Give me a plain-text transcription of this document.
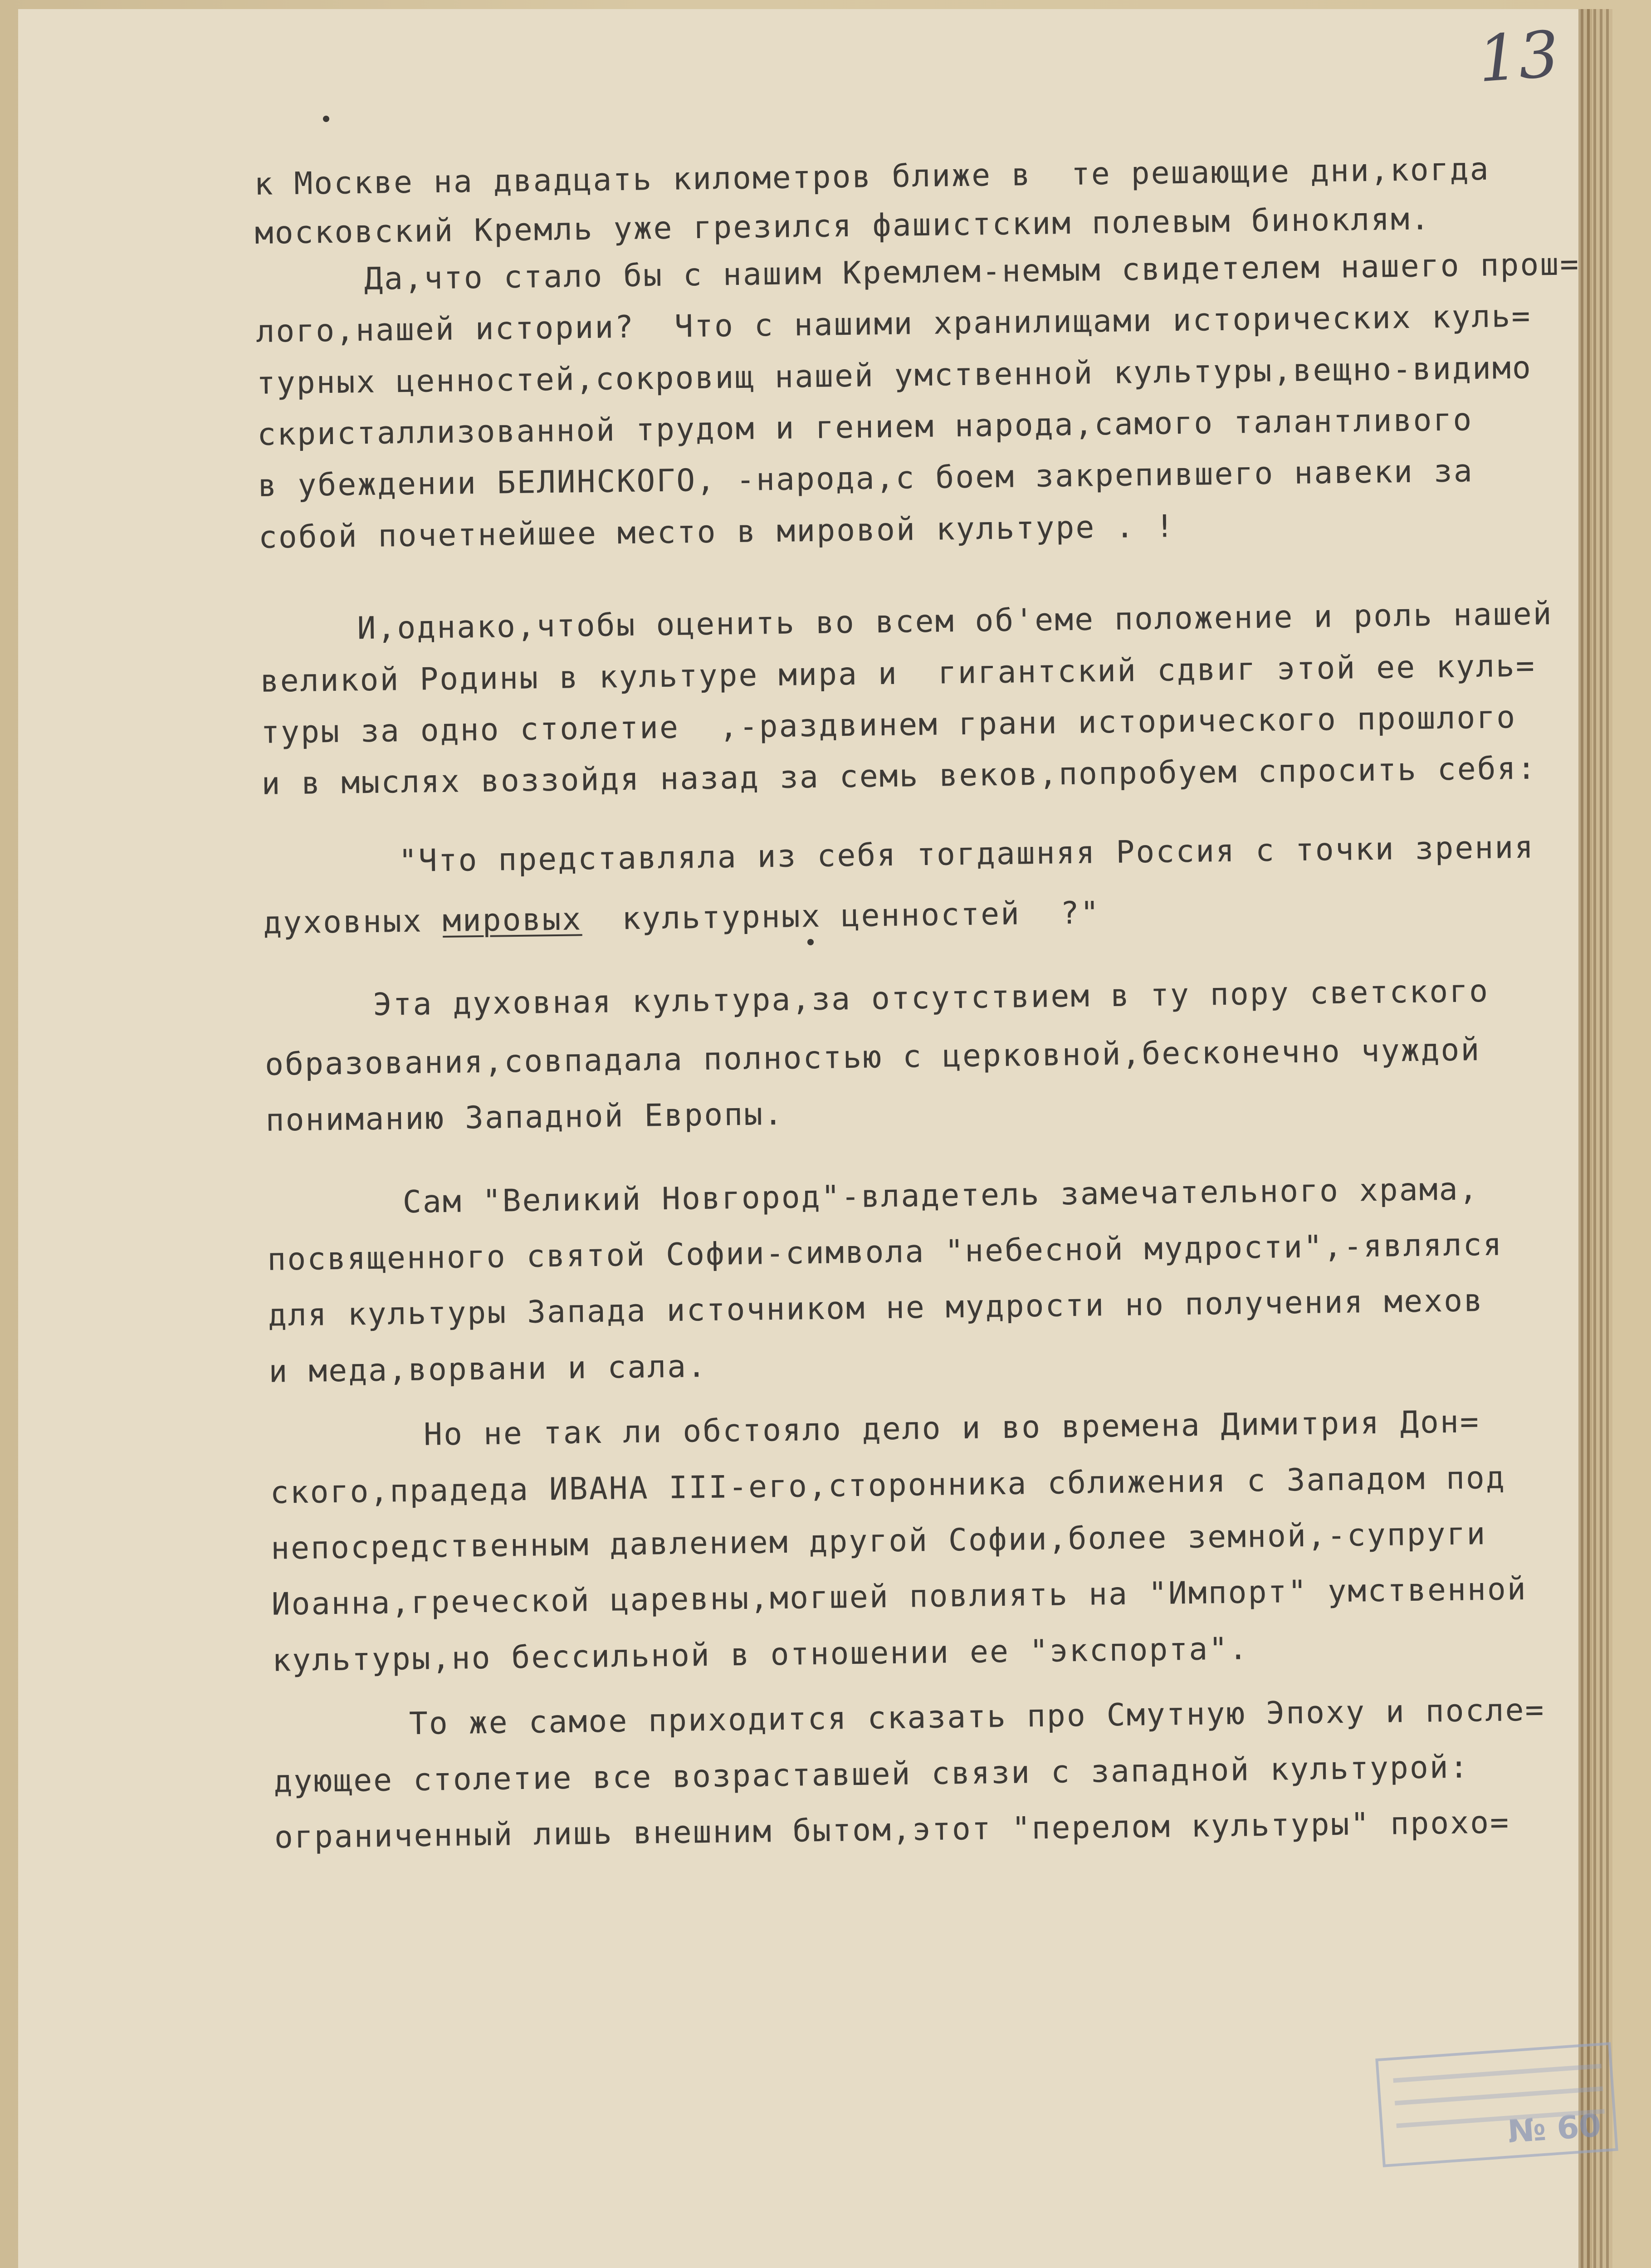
13
к Москве на двадцать километров ближе в  те решающие дни,когда
московский Кремль уже грезился фашистским полевым биноклям.
Да,что стало бы с нашим Кремлем-немым свидетелем нашего прош=
лого,нашей истории?  Что с нашими хранилищами исторических куль=
турных ценностей,сокровищ нашей умственной культуры,вещно-видимо
скристаллизованной трудом и гением народа,самого талантливого
в убеждении БЕЛИНСКОГО, -народа,с боем закрепившего навеки за
собой почетнейшее место в мировой культуре . !
И,однако,чтобы оценить во всем об'еме положение и роль нашей
великой Родины в культуре мира и  гигантский сдвиг этой ее куль=
туры за одно столетие  ,-раздвинем грани исторического прошлого
и в мыслях воззойдя назад за семь веков,попробуем спросить себя:
"Что представляла из себя тогдашняя Россия с точки зрения
духовных мировых  культурных ценностей  ?"
Эта духовная культура,за отсутствием в ту пору светского
образования,совпадала полностью с церковной,бесконечно чуждой
пониманию Западной Европы.
Сам "Великий Новгород"-владетель замечательного храма,
посвященного святой Софии-символа "небесной мудрости",-являлся
для культуры Запада источником не мудрости но получения мехов
и меда,ворвани и сала.
Но не так ли обстояло дело и во времена Димитрия Дон=
ского,прадеда ИВАНА III-его,сторонника сближения с Западом под
непосредственным давлением другой Софии,более земной,-супруги
Иоанна,греческой царевны,могшей повлиять на "Импорт" умственной
культуры,но бессильной в отношении ее "экспорта".
То же самое приходится сказать про Смутную Эпоху и после=
дующее столетие все возраставшей связи с западной культурой:
ограниченный лишь внешним бытом,этот "перелом культуры" прохо=
№ 60
